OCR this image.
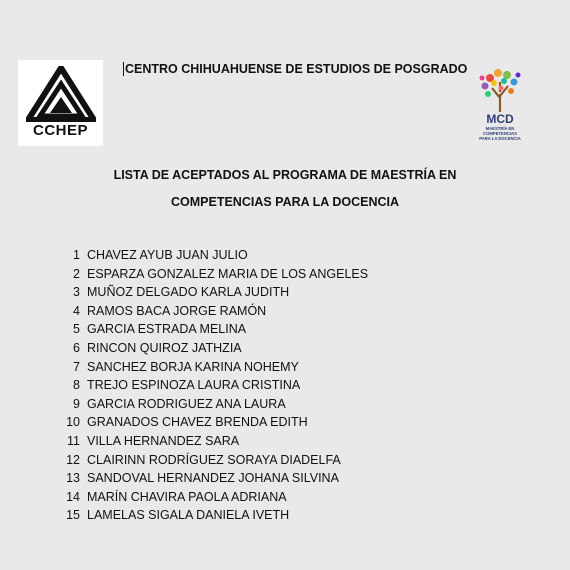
CCHEP
CENTRO CHIHUAHUENSE DE ESTUDIOS DE POSGRADO
MCD
MAESTRÍA EN
COMPETENCIAS
PARA LA DOCENCIA
LISTA DE ACEPTADOS AL PROGRAMA DE MAESTRÍA EN
COMPETENCIAS PARA LA DOCENCIA
1 CHAVEZ AYUB JUAN JULIO
2 ESPARZA GONZALEZ MARIA DE LOS ANGELES
3 MUÑOZ DELGADO KARLA JUDITH
4 RAMOS BACA JORGE RAMÓN
5 GARCIA ESTRADA MELINA
6 RINCON QUIROZ JATHZIA
7 SANCHEZ BORJA KARINA NOHEMY
8 TREJO ESPINOZA LAURA CRISTINA
9 GARCIA RODRIGUEZ ANA LAURA
10 GRANADOS CHAVEZ BRENDA EDITH
11 VILLA HERNANDEZ SARA
12 CLAIRINN RODRÍGUEZ SORAYA DIADELFA
13 SANDOVAL HERNANDEZ JOHANA SILVINA
14 MARÍN CHAVIRA PAOLA ADRIANA
15 LAMELAS SIGALA DANIELA IVETH
